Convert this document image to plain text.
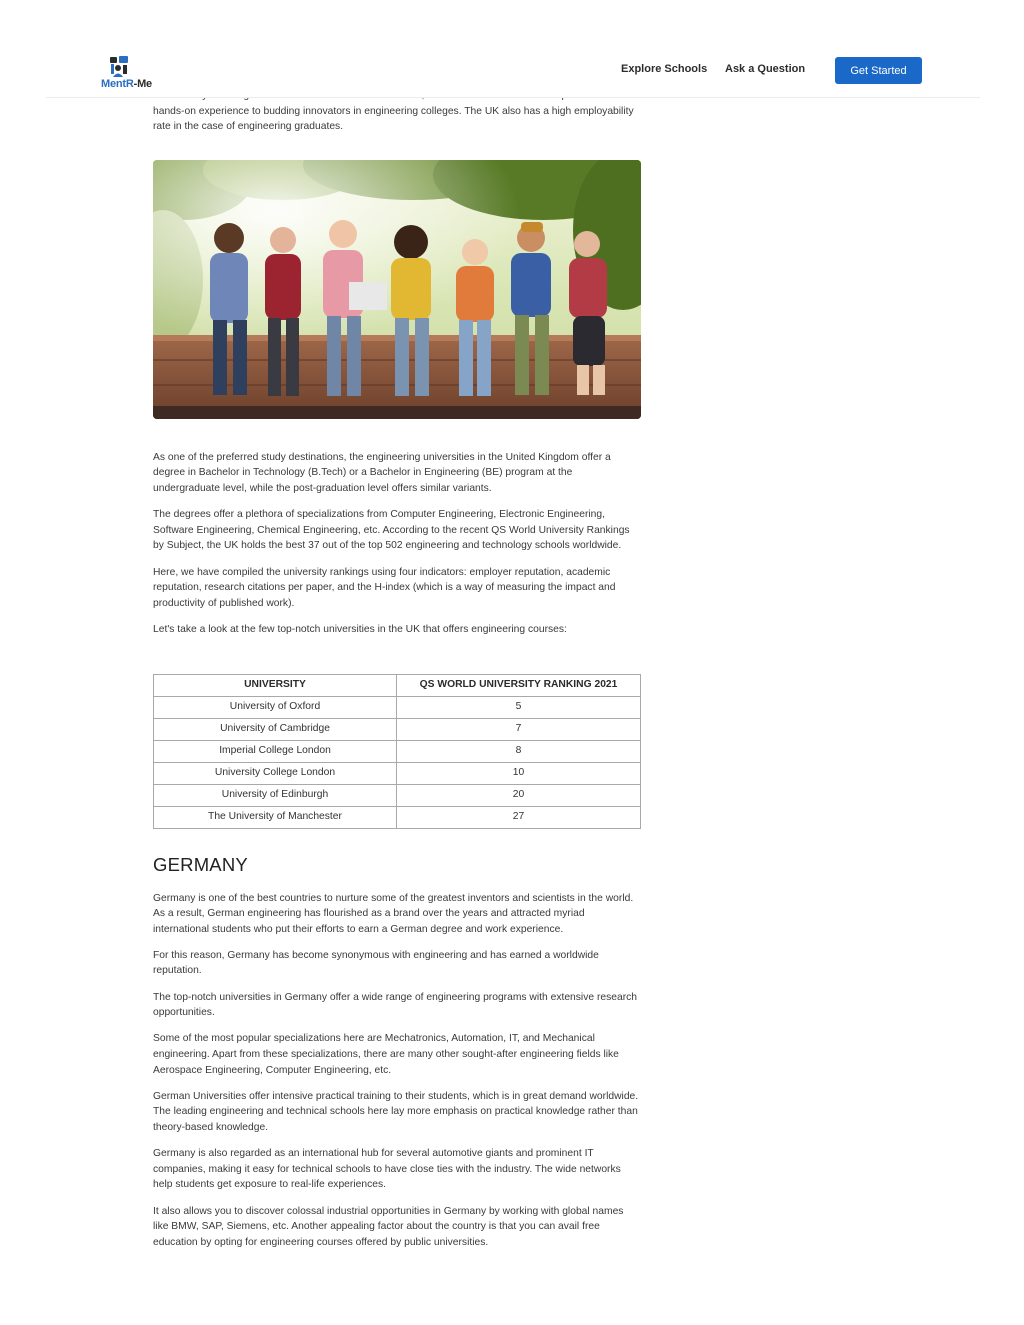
MentR-Me
Explore Schools Ask a Question	Get Started

hands-on experience to budding innovators in engineering colleges. The UK also has a high employability rate in the case of engineering graduates.

As one of the preferred study destinations, the engineering universities in the United Kingdom offer a degree in Bachelor in Technology (B.Tech) or a Bachelor in Engineering (BE) program at the undergraduate level, while the post-graduation level offers similar variants.

The degrees offer a plethora of specializations from Computer Engineering, Electronic Engineering, Software Engineering, Chemical Engineering, etc. According to the recent QS World University Rankings by Subject, the UK holds the best 37 out of the top 502 engineering and technology schools worldwide.

Here, we have compiled the university rankings using four indicators: employer reputation, academic reputation, research citations per paper, and the H-index (which is a way of measuring the impact and productivity of published work).

Let's take a look at the few top-notch universities in the UK that offers engineering courses:

UNIVERSITY	QS WORLD UNIVERSITY RANKING 2021
University of Oxford	5
University of Cambridge	7
Imperial College London	8
University College London	10
University of Edinburgh	20
The University of Manchester	27
GERMANY

Germany is one of the best countries to nurture some of the greatest inventors and scientists in the world. As a result, German engineering has flourished as a brand over the years and attracted myriad international students who put their efforts to earn a German degree and work experience.

For this reason, Germany has become synonymous with engineering and has earned a worldwide reputation.

The top-notch universities in Germany offer a wide range of engineering programs with extensive research opportunities.

Some of the most popular specializations here are Mechatronics, Automation, IT, and Mechanical engineering. Apart from these specializations, there are many other sought-after engineering fields like Aerospace Engineering, Computer Engineering, etc.

German Universities offer intensive practical training to their students, which is in great demand worldwide. The leading engineering and technical schools here lay more emphasis on practical knowledge rather than theory-based knowledge.

Germany is also regarded as an international hub for several automotive giants and prominent IT companies, making it easy for technical schools to have close ties with the industry. The wide networks help students get exposure to real-life experiences.

It also allows you to discover colossal industrial opportunities in Germany by working with global names like BMW, SAP, Siemens, etc. Another appealing factor about the country is that you can avail free education by opting for engineering courses offered by public universities.
